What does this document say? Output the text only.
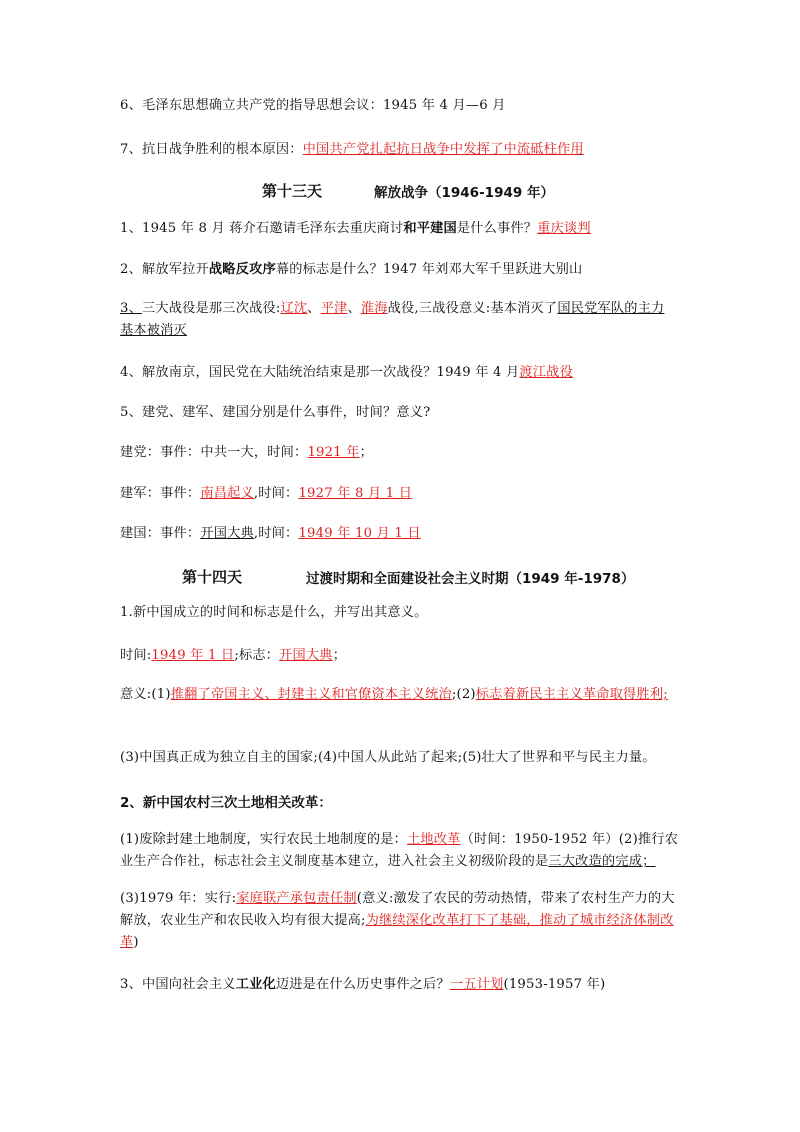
6、毛泽东思想确立共产党的指导思想会议：1945 年 4 月—6 月
7、抗日战争胜利的根本原因：中国共产党扎起抗日战争中发挥了中流砥柱作用
第十三天	解放战争（1946-1949 年）
1、1945 年 8 月 蒋介石邀请毛泽东去重庆商讨和平建国是什么事件？重庆谈判
2、解放军拉开战略反攻序幕的标志是什么？1947 年刘邓大军千里跃进大别山
3、三大战役是那三次战役:辽沈、平津、淮海战役,三战役意义:基本消灭了国民党军队的主力
基本被消灭
4、解放南京，国民党在大陆统治结束是那一次战役？1949 年 4 月渡江战役
5、建党、建军、建国分别是什么事件，时间？意义?
建党：事件：中共一大，时间：1921 年；
建军：事件：南昌起义,时间：1927 年 8 月 1 日
建国：事件：开国大典,时间：1949 年 10 月 1 日
第十四天	过渡时期和全面建设社会主义时期（1949 年-1978）
1.新中国成立的时间和标志是什么，并写出其意义。
时间:1949 年 1 日;标志：开国大典；
意义:(1)推翻了帝国主义、封建主义和官僚资本主义统治;(2)标志着新民主主义革命取得胜利;
(3)中国真正成为独立自主的国家;(4)中国人从此站了起来;(5)壮大了世界和平与民主力量。
2、新中国农村三次土地相关改革：
(1)废除封建土地制度，实行农民土地制度的是：土地改革（时间：1950-1952 年）(2)推行农业生产合作社，标志社会主义制度基本建立，进入社会主义初级阶段的是三大改造的完成；
(3)1979 年：实行:家庭联产承包责任制(意义:激发了农民的劳动热情，带来了农村生产力的大解放，农业生产和农民收入均有很大提高;为继续深化改革打下了基础，推动了城市经济体制改革)
3、中国向社会主义工业化迈进是在什么历史事件之后？一五计划(1953-1957 年)
